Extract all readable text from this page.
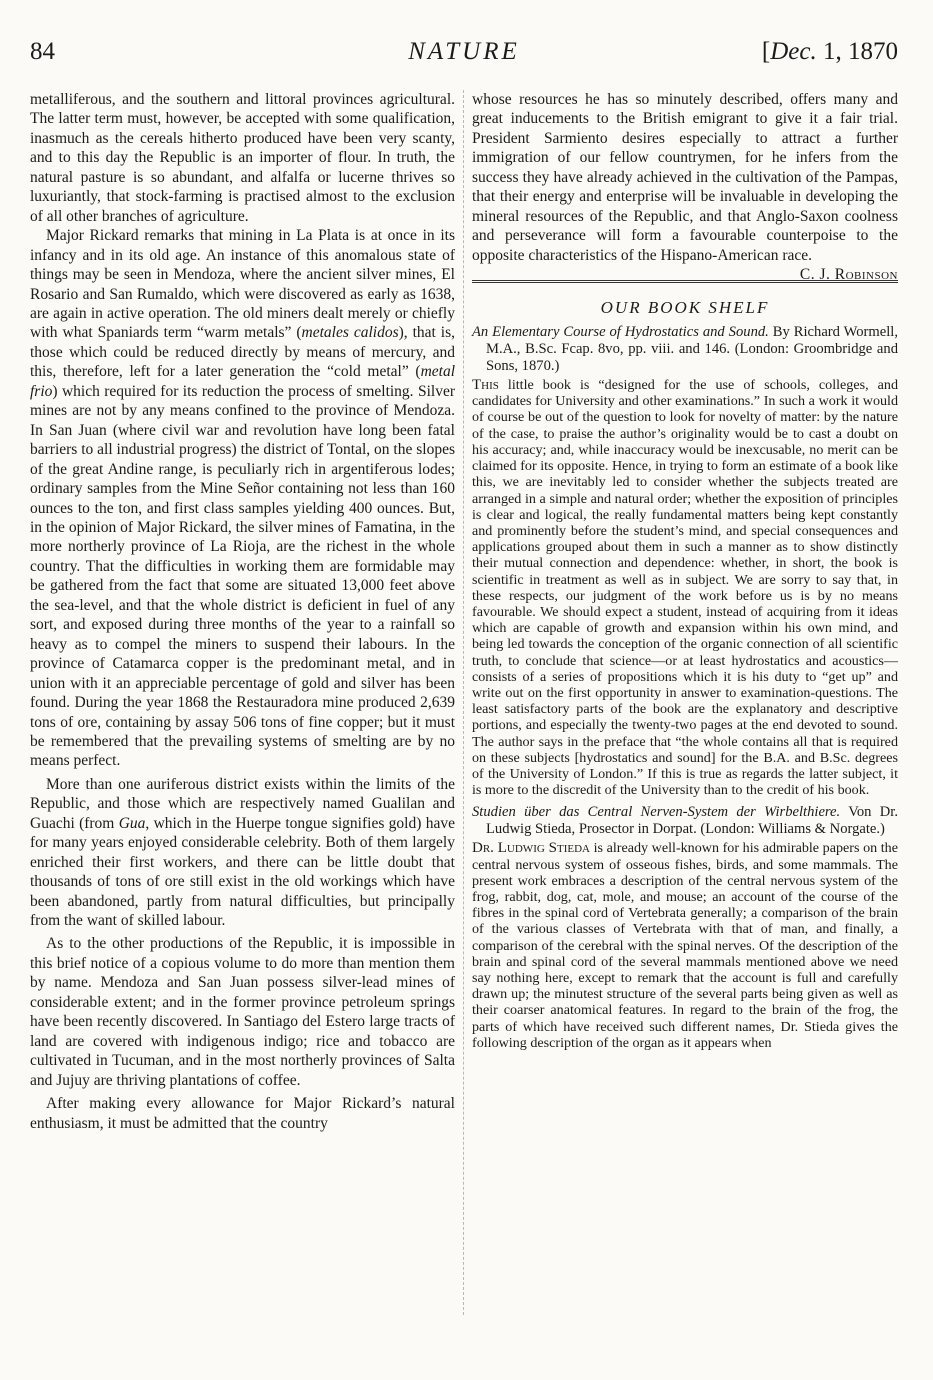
84	NATURE	[Dec. 1, 1870

metalliferous, and the southern and littoral provinces agricultural. The latter term must, however, be accepted with some qualification, inasmuch as the cereals hitherto produced have been very scanty, and to this day the Republic is an importer of flour. In truth, the natural pasture is so abundant, and alfalfa or lucerne thrives so luxuriantly, that stock-farming is practised almost to the exclusion of all other branches of agriculture.

Major Rickard remarks that mining in La Plata is at once in its infancy and in its old age. An instance of this anomalous state of things may be seen in Mendoza, where the ancient silver mines, El Rosario and San Rumaldo, which were discovered as early as 1638, are again in active operation. The old miners dealt merely or chiefly with what Spaniards term “warm metals” (metales calidos), that is, those which could be reduced directly by means of mercury, and this, therefore, left for a later generation the “cold metal” (metal frio) which required for its reduction the process of smelting. Silver mines are not by any means confined to the province of Mendoza. In San Juan (where civil war and revolution have long been fatal barriers to all industrial progress) the district of Tontal, on the slopes of the great Andine range, is peculiarly rich in argentiferous lodes; ordinary samples from the Mine Señor containing not less than 160 ounces to the ton, and first class samples yielding 400 ounces. But, in the opinion of Major Rickard, the silver mines of Famatina, in the more northerly province of La Rioja, are the richest in the whole country. That the difficulties in working them are formidable may be gathered from the fact that some are situated 13,000 feet above the sea-level, and that the whole district is deficient in fuel of any sort, and exposed during three months of the year to a rainfall so heavy as to compel the miners to suspend their labours. In the province of Catamarca copper is the predominant metal, and in union with it an appreciable percentage of gold and silver has been found. During the year 1868 the Restauradora mine produced 2,639 tons of ore, containing by assay 506 tons of fine copper; but it must be remembered that the prevailing systems of smelting are by no means perfect.

More than one auriferous district exists within the limits of the Republic, and those which are respectively named Gualilan and Guachi (from Gua, which in the Huerpe tongue signifies gold) have for many years enjoyed considerable celebrity. Both of them largely enriched their first workers, and there can be little doubt that thousands of tons of ore still exist in the old workings which have been abandoned, partly from natural difficulties, but principally from the want of skilled labour.

As to the other productions of the Republic, it is impossible in this brief notice of a copious volume to do more than mention them by name. Mendoza and San Juan possess silver-lead mines of considerable extent; and in the former province petroleum springs have been recently discovered. In Santiago del Estero large tracts of land are covered with indigenous indigo; rice and tobacco are cultivated in Tucuman, and in the most northerly provinces of Salta and Jujuy are thriving plantations of coffee.

After making every allowance for Major Rickard’s natural enthusiasm, it must be admitted that the country

whose resources he has so minutely described, offers many and great inducements to the British emigrant to give it a fair trial. President Sarmiento desires especially to attract a further immigration of our fellow countrymen, for he infers from the success they have already achieved in the cultivation of the Pampas, that their energy and enterprise will be invaluable in developing the mineral resources of the Republic, and that Anglo-Saxon coolness and perseverance will form a favourable counterpoise to the opposite characteristics of the Hispano-American race.
C. J. Robinson

OUR BOOK SHELF
An Elementary Course of Hydrostatics and Sound. By Richard Wormell, M.A., B.Sc. Fcap. 8vo, pp. viii. and 146. (London: Groombridge and Sons, 1870.)

This little book is “designed for the use of schools, colleges, and candidates for University and other examinations.” In such a work it would of course be out of the question to look for novelty of matter: by the nature of the case, to praise the author’s originality would be to cast a doubt on his accuracy; and, while inaccuracy would be inexcusable, no merit can be claimed for its opposite. Hence, in trying to form an estimate of a book like this, we are inevitably led to consider whether the subjects treated are arranged in a simple and natural order; whether the exposition of principles is clear and logical, the really fundamental matters being kept constantly and prominently before the student’s mind, and special consequences and applications grouped about them in such a manner as to show distinctly their mutual connection and dependence: whether, in short, the book is scientific in treatment as well as in subject. We are sorry to say that, in these respects, our judgment of the work before us is by no means favourable. We should expect a student, instead of acquiring from it ideas which are capable of growth and expansion within his own mind, and being led towards the conception of the organic connection of all scientific truth, to conclude that science—or at least hydrostatics and acoustics—consists of a series of propositions which it is his duty to “get up” and write out on the first opportunity in answer to examination-questions. The least satisfactory parts of the book are the explanatory and descriptive portions, and especially the twenty-two pages at the end devoted to sound. The author says in the preface that “the whole contains all that is required on these subjects [hydrostatics and sound] for the B.A. and B.Sc. degrees of the University of London.” If this is true as regards the latter subject, it is more to the discredit of the University than to the credit of his book.

Studien über das Central Nerven-System der Wirbelthiere. Von Dr. Ludwig Stieda, Prosector in Dorpat. (London: Williams & Norgate.)

Dr. Ludwig Stieda is already well-known for his admirable papers on the central nervous system of osseous fishes, birds, and some mammals. The present work embraces a description of the central nervous system of the frog, rabbit, dog, cat, mole, and mouse; an account of the course of the fibres in the spinal cord of Vertebrata generally; a comparison of the brain of the various classes of Vertebrata with that of man, and finally, a comparison of the cerebral with the spinal nerves. Of the description of the brain and spinal cord of the several mammals mentioned above we need say nothing here, except to remark that the account is full and carefully drawn up; the minutest structure of the several parts being given as well as their coarser anatomical features. In regard to the brain of the frog, the parts of which have received such different names, Dr. Stieda gives the following description of the organ as it appears when
